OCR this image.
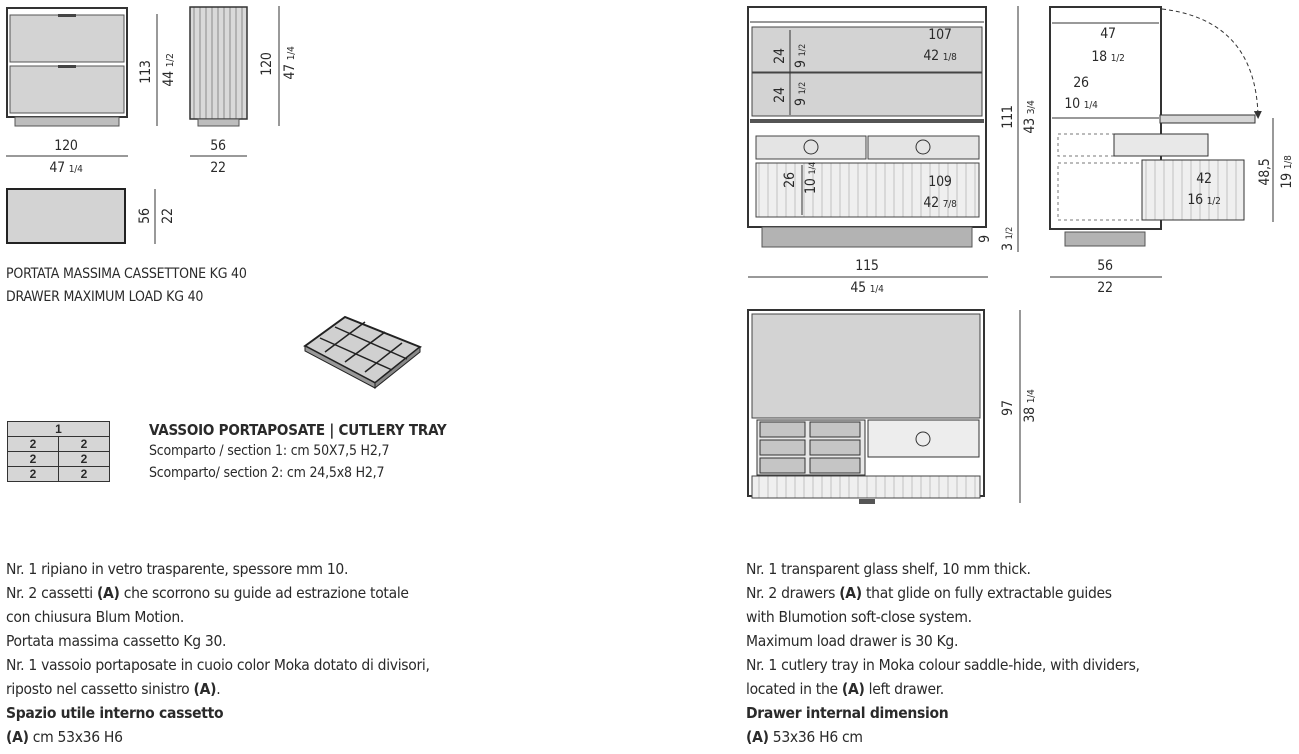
113 44 1/2	120 47 1/4
56 22
120
47 1/4
56
22
PORTATA MASSIMA CASSETTONE KG 40
DRAWER MAXIMUM LOAD KG 40
1	
2	2
2	2
2	2
VASSOIO PORTAPOSATE | CUTLERY TRAY
Scomparto / section 1: cm 50X7,5 H2,7
Scomparto/ section 2: cm 24,5x8 H2,7
107
42 1/8
24
9 1/2
24 9 1/2
26 10 1/4
109
42 7/8
111 43 3/4
9
3 1/2
115
45 1/4
47
18 1/2
26
10 1/4
42
16 1/2
48,5 19 1/8
56
22
97 38 1/4
Nr. 1 ripiano in vetro trasparente, spessore mm 10.
Nr. 2 cassetti (A) che scorrono su guide ad estrazione totale
con chiusura Blum Motion.
Portata massima cassetto Kg 30.
Nr. 1 vassoio portaposate in cuoio color Moka dotato di divisori,
riposto nel cassetto sinistro (A).
Spazio utile interno cassetto
(A) cm 53x36 H6
Nr. 1 transparent glass shelf, 10 mm thick.
Nr. 2 drawers (A) that glide on fully extractable guides
with Blumotion soft-close system.
Maximum load drawer is 30 Kg.
Nr. 1 cutlery tray in Moka colour saddle-hide, with dividers,
located in the (A) left drawer.
Drawer internal dimension
(A) 53x36 H6 cm
